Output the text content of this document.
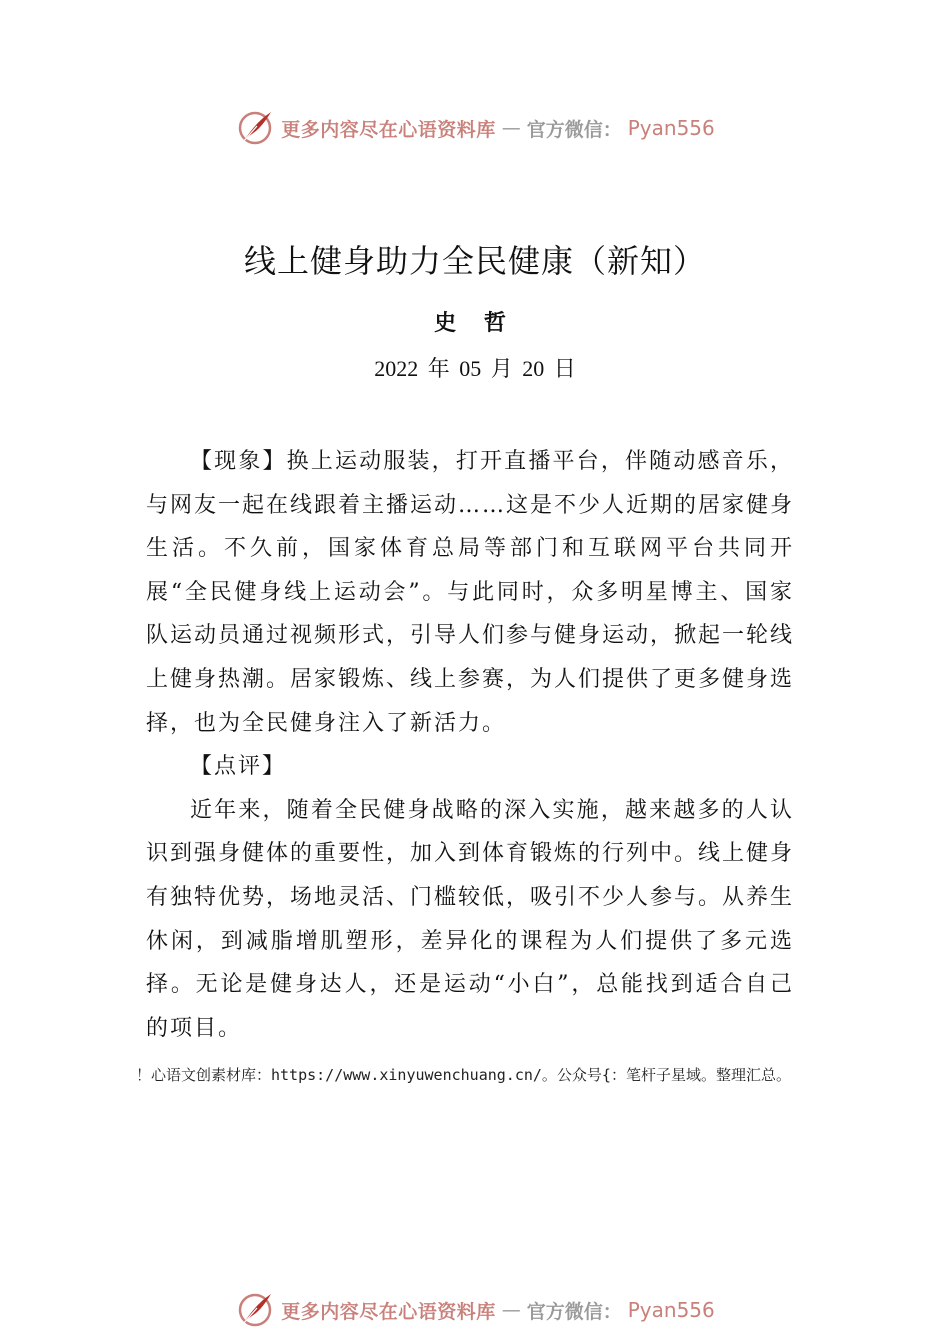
更多内容尽在心语资料库 — 官方微信： Pyan556
线上健身助力全民健康（新知）
史 哲
2022 年 05 月 20 日

【现象】换上运动服装，打开直播平台，伴随动感音乐，与网友一起在线跟着主播运动……这是不少人近期的居家健身生活。不久前，国家体育总局等部门和互联网平台共同开展“全民健身线上运动会”。与此同时，众多明星博主、国家队运动员通过视频形式，引导人们参与健身运动，掀起一轮线上健身热潮。居家锻炼、线上参赛，为人们提供了更多健身选择，也为全民健身注入了新活力。

【点评】

近年来，随着全民健身战略的深入实施，越来越多的人认识到强身健体的重要性，加入到体育锻炼的行列中。线上健身有独特优势，场地灵活、门槛较低，吸引不少人参与。从养生休闲，到减脂增肌塑形，差异化的课程为人们提供了多元选择。无论是健身达人，还是运动“小白”，总能找到适合自己的项目。

！心语文创素材库：https://www.xinyuwenchuang.cn/。公众号{：笔杆子星域。整理汇总。
更多内容尽在心语资料库 — 官方微信： Pyan556
